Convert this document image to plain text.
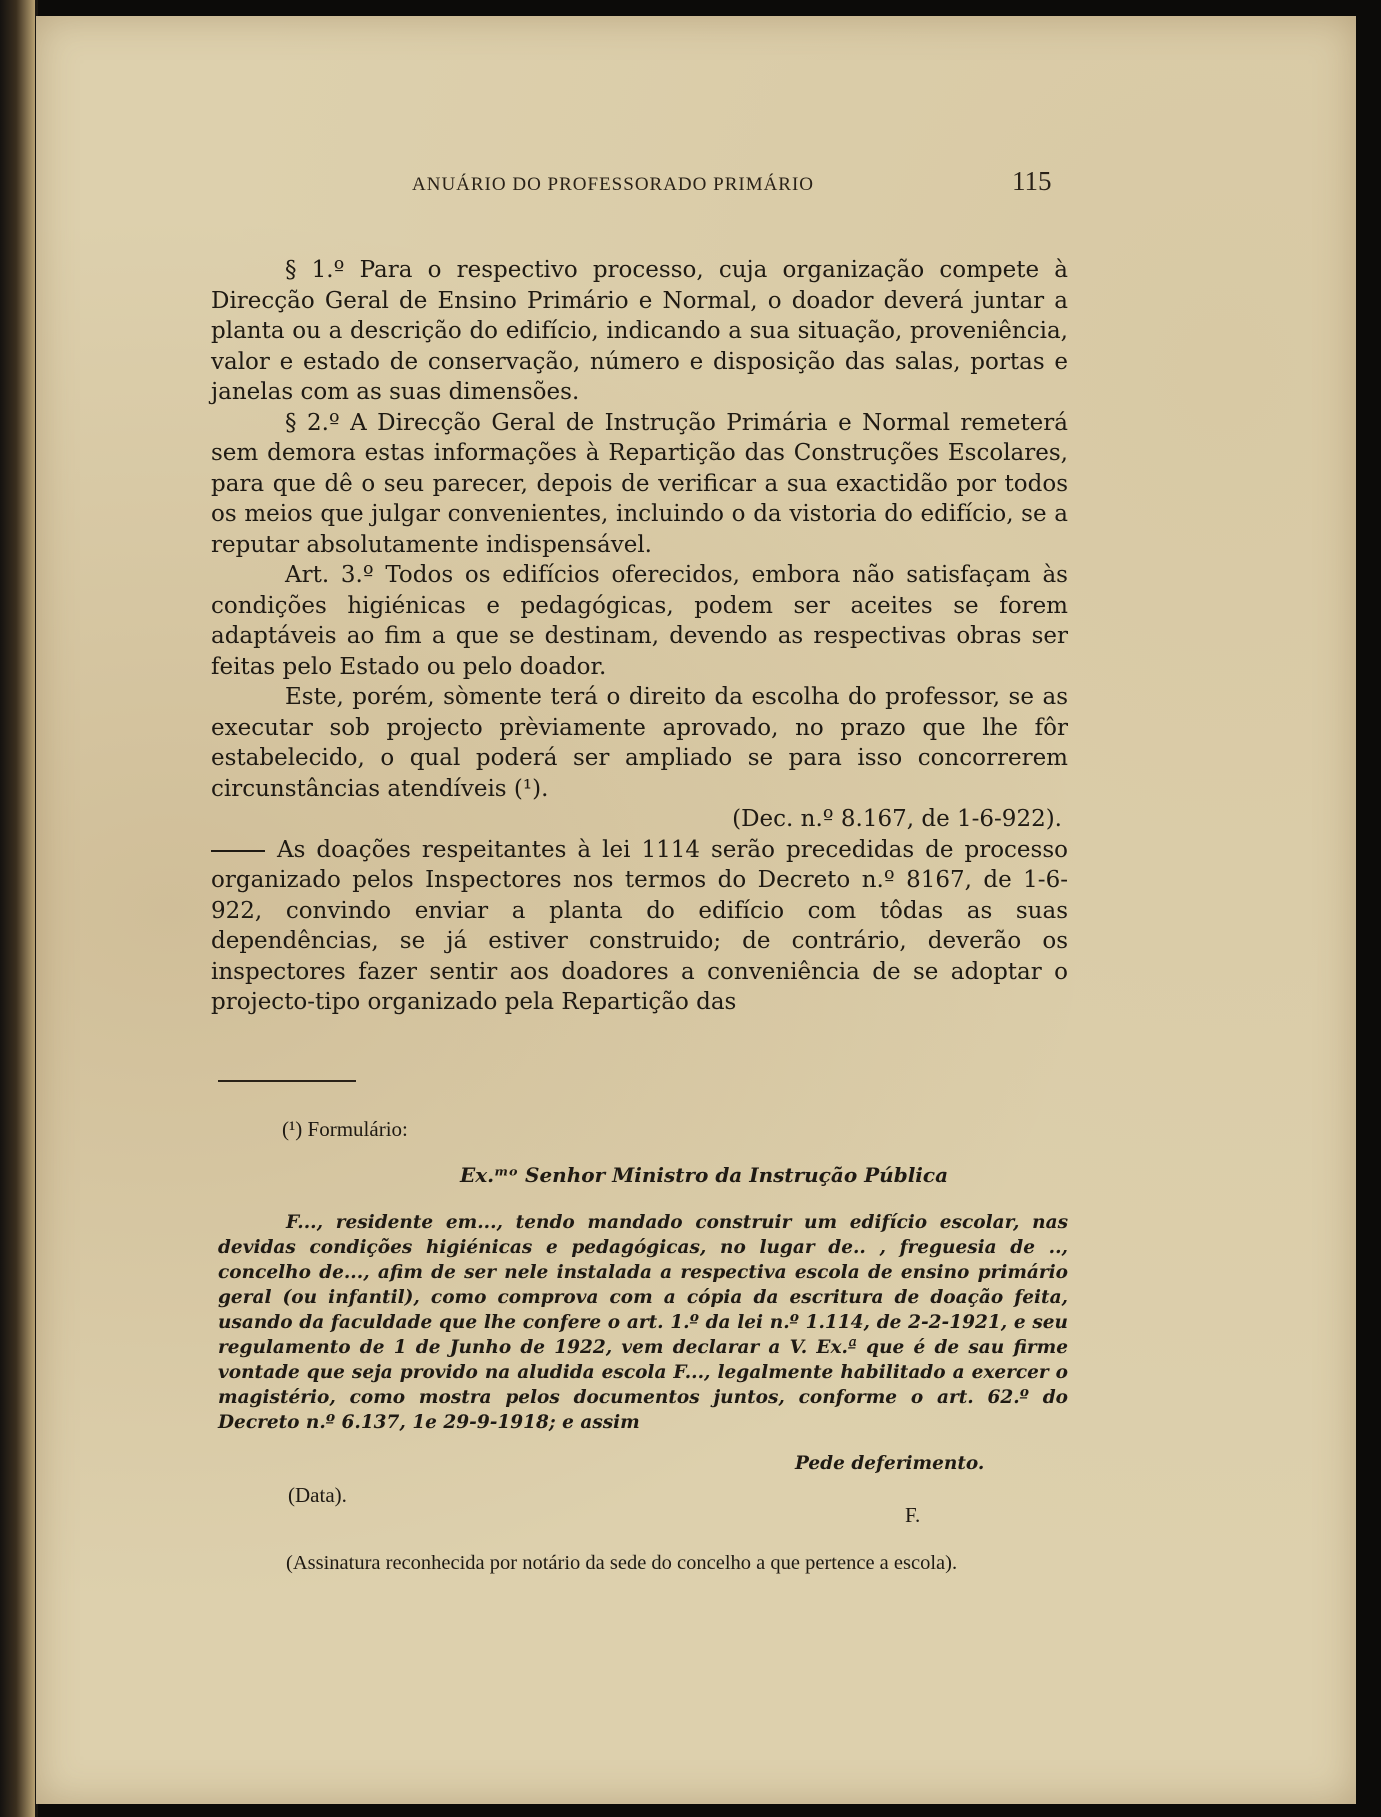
ANUÁRIO DO PROFESSORADO PRIMÁRIO	115

§ 1.º Para o respectivo processo, cuja organização compete à Direcção Geral de Ensino Primário e Normal, o doador deverá juntar a planta ou a descrição do edifício, indicando a sua situação, proveniência, valor e estado de conservação, número e disposição das salas, portas e janelas com as suas dimensões.

§ 2.º A Direcção Geral de Instrução Primária e Normal remeterá sem demora estas informações à Repartição das Construções Escolares, para que dê o seu parecer, depois de verificar a sua exactidão por todos os meios que julgar convenientes, incluindo o da vistoria do edifício, se a reputar absolutamente indispensável.

Art. 3.º Todos os edifícios oferecidos, embora não satisfaçam às condições higiénicas e pedagógicas, podem ser aceites se forem adaptáveis ao fim a que se destinam, devendo as respectivas obras ser feitas pelo Estado ou pelo doador.

Este, porém, sòmente terá o direito da escolha do professor, se as executar sob projecto prèviamente aprovado, no prazo que lhe fôr estabelecido, o qual poderá ser ampliado se para isso concorrerem circunstâncias atendíveis (¹).

(Dec. n.º 8.167, de 1-6-922).

As doações respeitantes à lei 1114 serão precedidas de processo organizado pelos Inspectores nos termos do Decreto n.º 8167, de 1-6-922, convindo enviar a planta do edifício com tôdas as suas dependências, se já estiver construido; de contrário, deverão os inspectores fazer sentir aos doadores a conveniência de se adoptar o projecto-tipo organizado pela Repartição das

(¹) Formulário:
Ex.ᵐᵒ Senhor Ministro da Instrução Pública
F..., residente em..., tendo mandado construir um edifício escolar, nas devidas condições higiénicas e pedagógicas, no lugar de.. , freguesia de .., concelho de..., afim de ser nele instalada a respectiva escola de ensino primário geral (ou infantil), como comprova com a cópia da escritura de doação feita, usando da faculdade que lhe confere o art. 1.º da lei n.º 1.114, de 2-2-1921, e seu regulamento de 1 de Junho de 1922, vem declarar a V. Ex.ª que é de sau firme vontade que seja provido na aludida escola F..., legalmente habilitado a exercer o magistério, como mostra pelos documentos juntos, conforme o art. 62.º do Decreto n.º 6.137, 1e 29-9-1918; e assim
Pede deferimento.
(Data).
F.
(Assinatura reconhecida por notário da sede do concelho a que pertence a escola).
